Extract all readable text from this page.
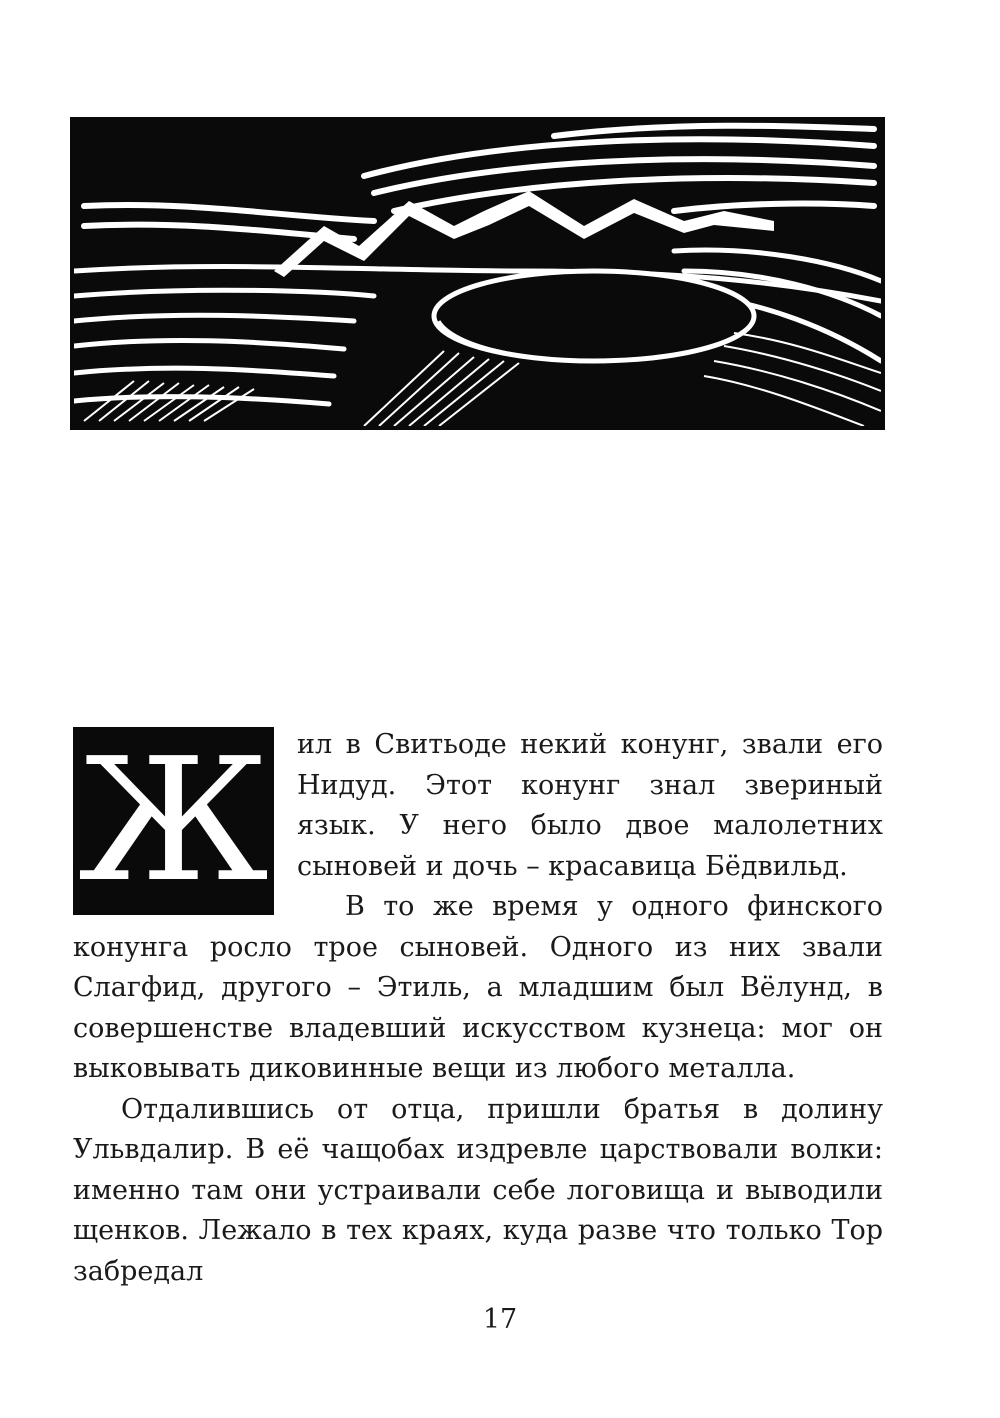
Ж	ил в Свитьоде некий конунг, звали его Нидуд. Этот конунг знал звериный язык. У него было двое малолетних сыновей и дочь – красавица Бёдвильд.

В то же время у одного финского конунга росло трое сыновей. Одного из них звали Слагфид, другого – Этиль, а младшим был Вёлунд, в совершенстве владевший искусством кузнеца: мог он выковывать диковинные вещи из любого металла.

Отдалившись от отца, пришли братья в долину Ульвдалир. В её чащобах издревле царствовали волки: именно там они устраивали себе логовища и выводили щенков. Лежало в тех краях, куда разве что только Тор забредал

17
